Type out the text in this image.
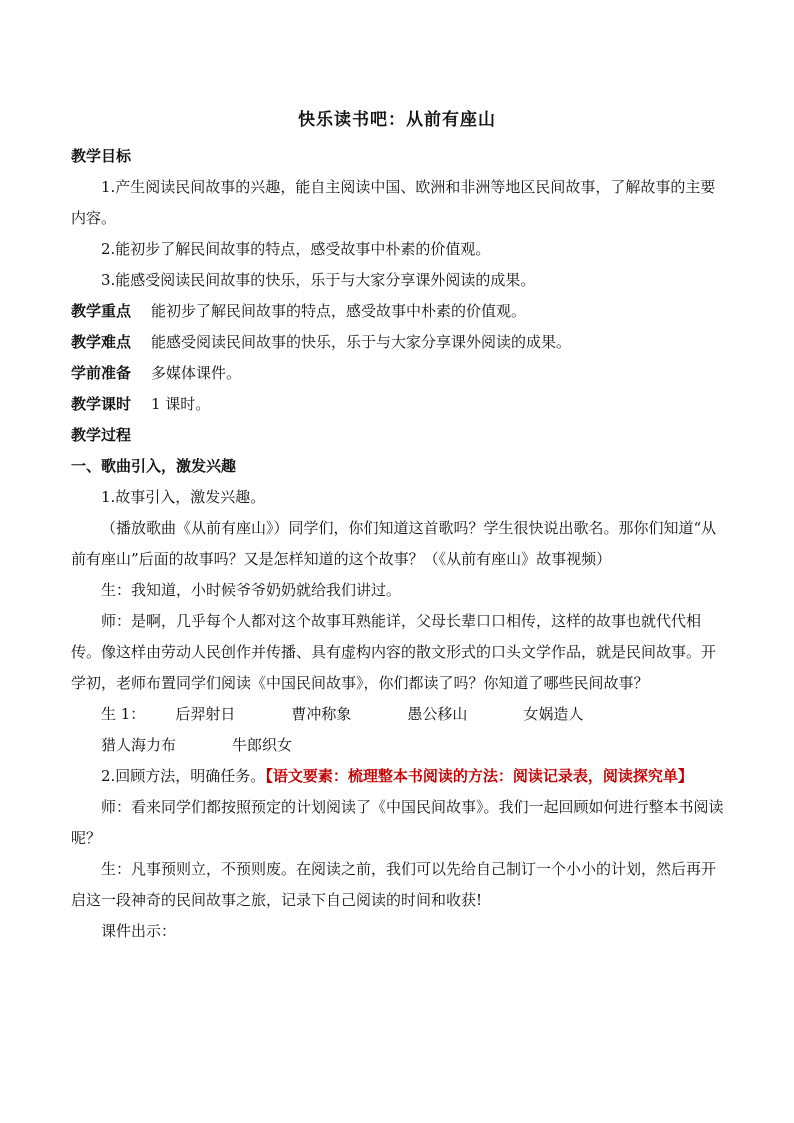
快乐读书吧：从前有座山

教学目标

1.产生阅读民间故事的兴趣，能自主阅读中国、欧洲和非洲等地区民间故事，了解故事的主要内容。

2.能初步了解民间故事的特点，感受故事中朴素的价值观。

3.能感受阅读民间故事的快乐，乐于与大家分享课外阅读的成果。

教学重点 能初步了解民间故事的特点，感受故事中朴素的价值观。

教学难点 能感受阅读民间故事的快乐，乐于与大家分享课外阅读的成果。

学前准备 多媒体课件。

教学课时 1 课时。

教学过程

一、歌曲引入，激发兴趣

1.故事引入，激发兴趣。

（播放歌曲《从前有座山》）同学们，你们知道这首歌吗？学生很快说出歌名。那你们知道“从前有座山”后面的故事吗？又是怎样知道的这个故事？（《从前有座山》故事视频）

生：我知道，小时候爷爷奶奶就给我们讲过。

师：是啊，几乎每个人都对这个故事耳熟能详，父母长辈口口相传，这样的故事也就代代相传。像这样由劳动人民创作并传播、具有虚构内容的散文形式的口头文学作品，就是民间故事。开学初，老师布置同学们阅读《中国民间故事》，你们都读了吗？你知道了哪些民间故事？

生 1： 后羿射日	曹冲称象	愚公移山	女娲造人猎人海力布	牛郎织女

2.回顾方法，明确任务。【语文要素：梳理整本书阅读的方法：阅读记录表，阅读探究单】

师：看来同学们都按照预定的计划阅读了《中国民间故事》。我们一起回顾如何进行整本书阅读呢？

生：凡事预则立，不预则废。在阅读之前，我们可以先给自己制订一个小小的计划，然后再开启这一段神奇的民间故事之旅，记录下自己阅读的时间和收获!

课件出示：
